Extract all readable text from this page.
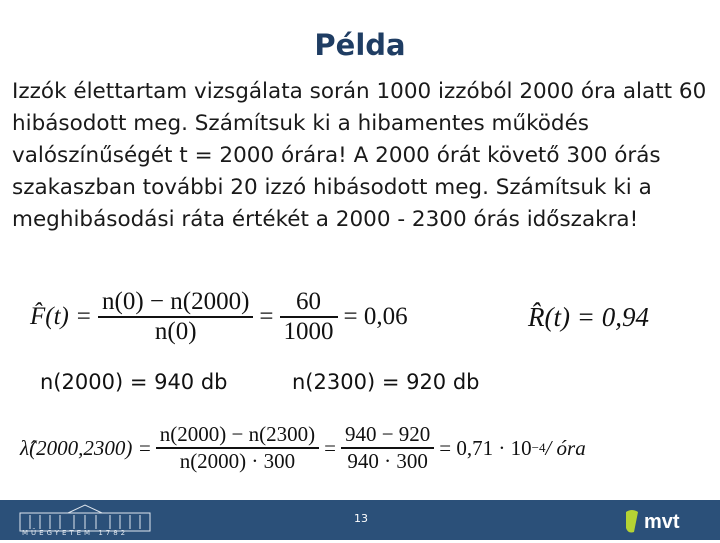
Példa
Izzók élettartam vizsgálata során 1000 izzóból 2000 óra alatt 60 hibásodott meg. Számítsuk ki a hibamentes működés valószínűségét t = 2000 órára! A 2000 órát követő 300 órás szakaszban további 20 izzó hibásodott meg. Számítsuk ki a meghibásodási ráta értékét a 2000 - 2300 órás időszakra!
F̂(t) = $\frac{n(0) - n(2000)}{n(0)} = \frac{60}{1000} = 0,06$	R̂(t) = 0,94
n(2000) = 940 db	n(2300) = 920 db
λ̂(2000,2300) = $\frac{n(2000) - n(2300)}{n(2000) \cdot 300} = \frac{940 - 920}{940 \cdot 300} = 0,71 \cdot 10 -4$ / óra
MŰEGYETEM 1782
13	mvt
